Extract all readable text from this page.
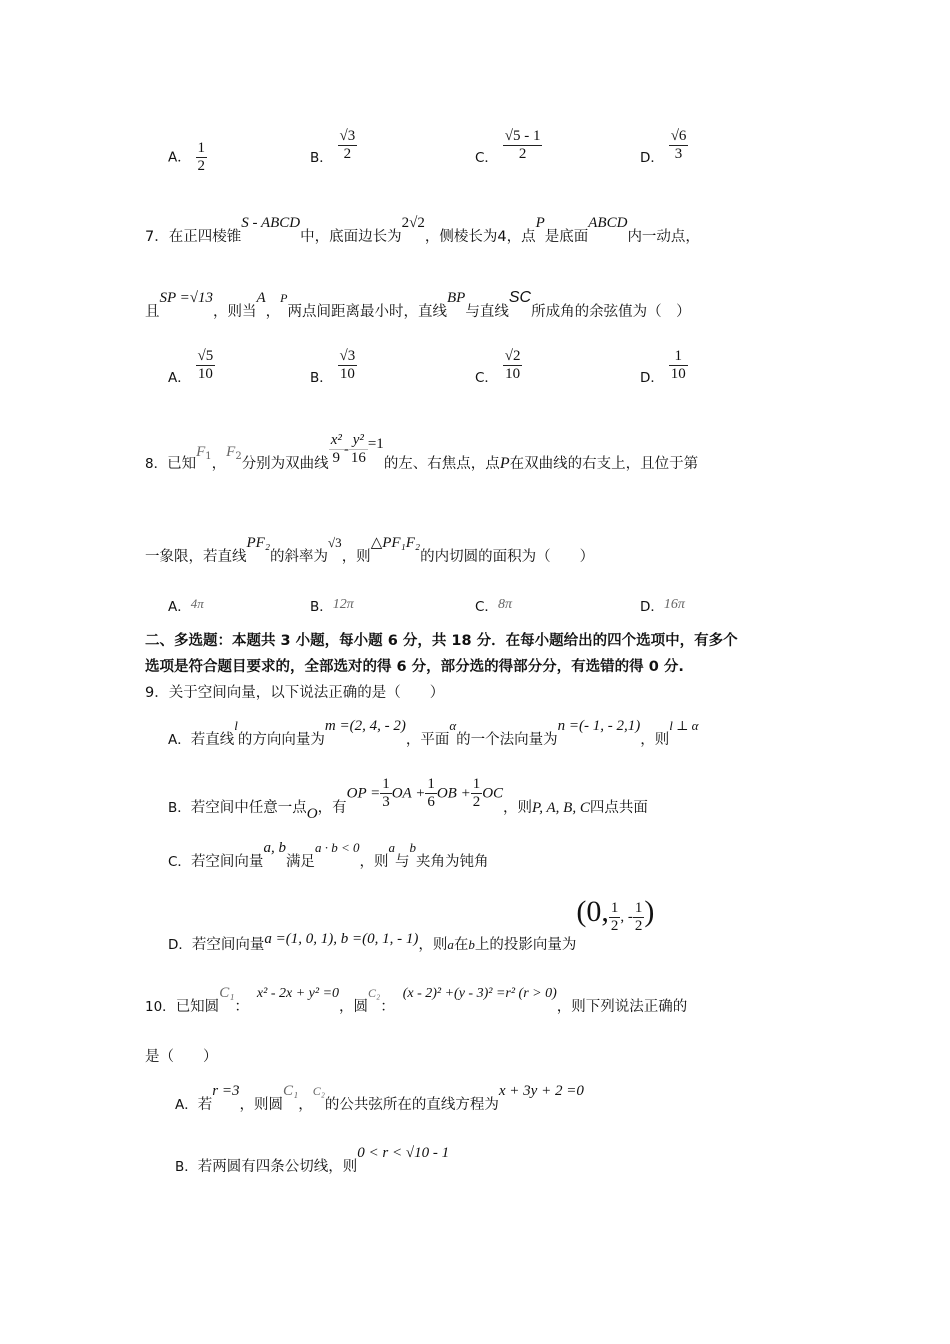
A． $\frac{1}{2}$	B． $\frac{√3}{2}$	C． $\frac{√5 - 1}{2}$	D． $\frac{√6}{3}$
7．在正四棱锥S - ABCD中，底面边长为2√2，侧棱长为4，点P是底面ABCD内一动点，
且SP =√13，则当A，$^P$两点间距离最小时，直线BP与直线SC所成角的余弦值为（　）
A． $\frac{√5}{10}$	B． $\frac{√3}{10}$	C． $\frac{√2}{10}$	D． $\frac{1}{10}$
8．已知$F_1$，$F_2$分别为双曲线 $\frac{\text{x²}}{9} - \frac{\text{y²}}{16} =1$的左、右焦点，点P在双曲线的右支上，且位于第
一象限，若直线PF₂的斜率为√3，则△PF₁F₂的内切圆的面积为（　　）
A．4π	B．12π	C．8π	D．16π
二、多选题：本题共 3 小题，每小题 6 分，共 18 分．在每小题给出的四个选项中，有多个
选项是符合题目要求的，全部选对的得 6 分，部分选的得部分分，有选错的得 0 分.
9．关于空间向量，以下说法正确的是（　　）
A．若直线l的方向向量为m =(2, 4, - 2)，平面α的一个法向量为n =(- 1, - 2,1)，则l ⊥ α
B．若空间中任意一点O，有OP = $\frac{1}{3}$ OA + $\frac{1}{6}$ OB + $\frac{1}{2}$ OC，则P, A, B, C四点共面
C．若空间向量a, b满足a · b < 0，则a与b夹角为钝角
D．若空间向量a =(1, 0, 1), b =(0, 1, - 1)，则a在b上的投影向量为(0, $\frac{1}{2}$ , - $\frac{1}{2}$ )
10．已知圆C₁：x² - 2x + y² =0，圆$^{C_2}$：(x - 2)² +(y - 3)² =r² (r > 0)，则下列说法正确的
是（　　）
A．若r =3，则圆C₁，$^{C_2}$的公共弦所在的直线方程为x + 3y + 2 =0
B．若两圆有四条公切线，则0 < r < √10 - 1
